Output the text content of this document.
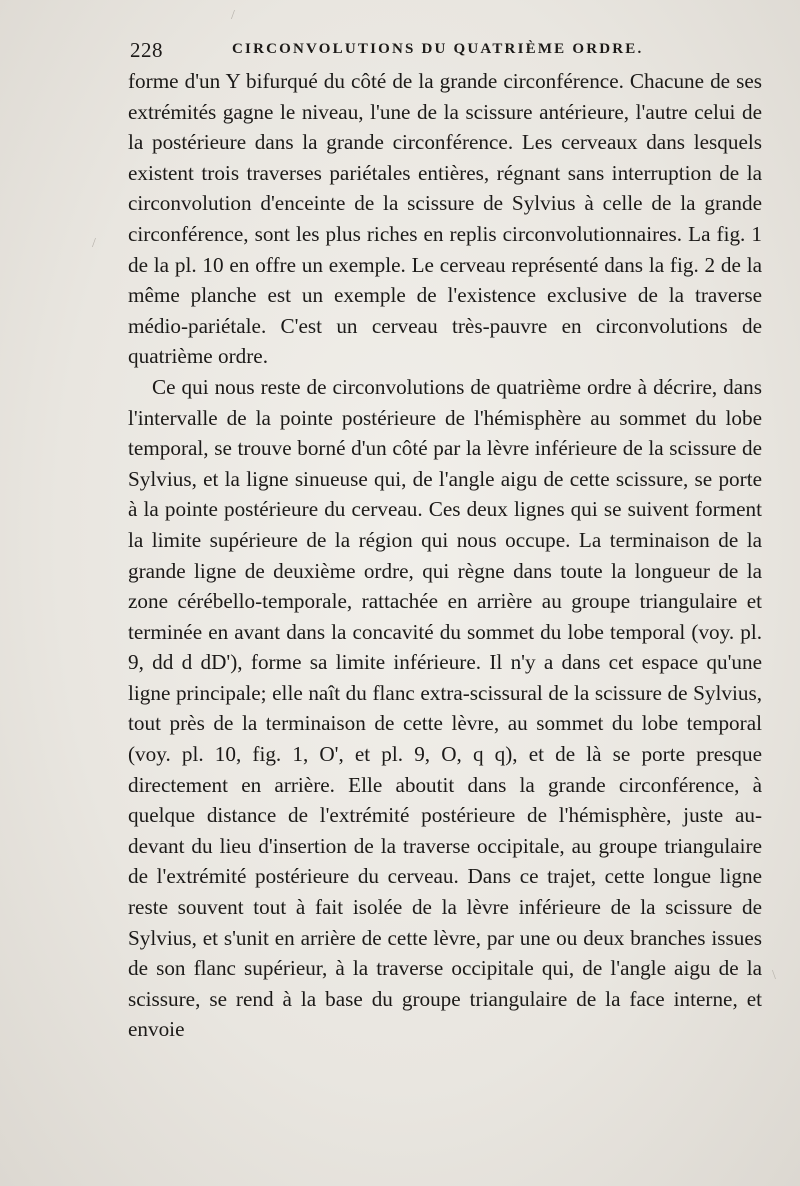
228	CIRCONVOLUTIONS DU QUATRIÈME ORDRE.

forme d'un Y bifurqué du côté de la grande circonférence. Chacune de ses extrémités gagne le niveau, l'une de la scissure antérieure, l'autre celui de la postérieure dans la grande circonférence. Les cerveaux dans lesquels existent trois traverses pariétales entières, régnant sans interruption de la circonvolution d'enceinte de la scissure de Sylvius à celle de la grande circonférence, sont les plus riches en replis circonvolutionnaires. La fig. 1 de la pl. 10 en offre un exemple. Le cerveau représenté dans la fig. 2 de la même planche est un exemple de l'existence exclusive de la traverse médio-pariétale. C'est un cerveau très-pauvre en circonvolutions de quatrième ordre.

Ce qui nous reste de circonvolutions de quatrième ordre à décrire, dans l'intervalle de la pointe postérieure de l'hémisphère au sommet du lobe temporal, se trouve borné d'un côté par la lèvre inférieure de la scissure de Sylvius, et la ligne sinueuse qui, de l'angle aigu de cette scissure, se porte à la pointe postérieure du cerveau. Ces deux lignes qui se suivent forment la limite supérieure de la région qui nous occupe. La terminaison de la grande ligne de deuxième ordre, qui règne dans toute la longueur de la zone cérébello-temporale, rattachée en arrière au groupe triangulaire et terminée en avant dans la concavité du sommet du lobe temporal (voy. pl. 9, dd d dD'), forme sa limite inférieure. Il n'y a dans cet espace qu'une ligne principale; elle naît du flanc extra-scissural de la scissure de Sylvius, tout près de la terminaison de cette lèvre, au sommet du lobe temporal (voy. pl. 10, fig. 1, O', et pl. 9, O, q q), et de là se porte presque directement en arrière. Elle aboutit dans la grande circonférence, à quelque distance de l'extrémité postérieure de l'hémisphère, juste au-devant du lieu d'insertion de la traverse occipitale, au groupe triangulaire de l'extrémité postérieure du cerveau. Dans ce trajet, cette longue ligne reste souvent tout à fait isolée de la lèvre inférieure de la scissure de Sylvius, et s'unit en arrière de cette lèvre, par une ou deux branches issues de son flanc supérieur, à la traverse occipitale qui, de l'angle aigu de la scissure, se rend à la base du groupe triangulaire de la face interne, et envoie

/
/
\
